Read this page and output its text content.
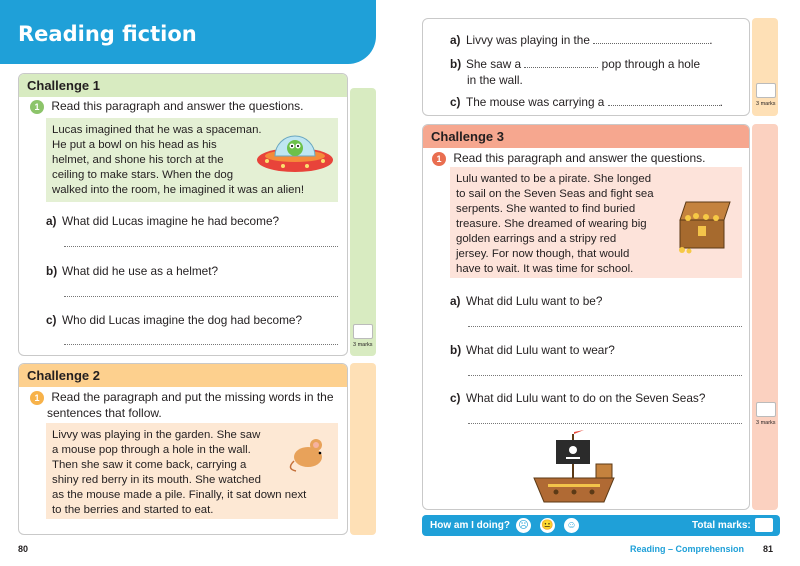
Reading fiction
Challenge 1
3 marks
1 Read this paragraph and answer the questions.
Lucas imagined that he was a spaceman.
He put a bowl on his head as his
helmet, and shone his torch at the
ceiling to make stars. When the dog
walked into the room, he imagined it was an alien!
a) What did Lucas imagine he had become?
b) What did he use as a helmet?
c) Who did Lucas imagine the dog had become?
Challenge 2
1 Read the paragraph and put the missing words in the
sentences that follow.
Livvy was playing in the garden. She saw
a mouse pop through a hole in the wall.
Then she saw it come back, carrying a
shiny red berry in its mouth. She watched
as the mouse made a pile. Finally, it sat down next
to the berries and started to eat.
80
3 marks
a) Livvy was playing in the	.
b) She saw a	pop through a hole
in the wall.
c) The mouse was carrying a	.
Challenge 3
3 marks
1 Read this paragraph and answer the questions.
Lulu wanted to be a pirate. She longed
to sail on the Seven Seas and fight sea
serpents. She wanted to find buried
treasure. She dreamed of wearing big
golden earrings and a stripy red
jersey. For now though, that would
have to wait. It was time for school.
a) What did Lulu want to be?
b) What did Lulu want to wear?
c) What did Lulu want to do on the Seven Seas?
How am I doing? ☹ 😐 ☺	Total marks:
Reading – Comprehension 81
